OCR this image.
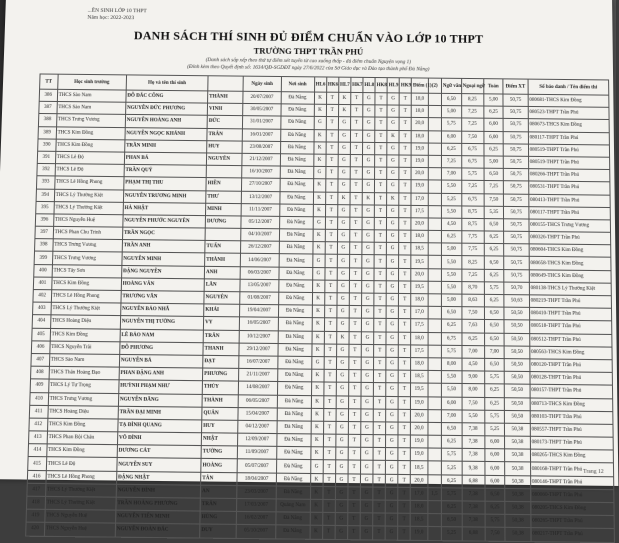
...ÊN SINH LỚP 10 THPT
Năm học: 2022-2023
DANH SÁCH THÍ SINH ĐỦ ĐIỂM CHUẨN VÀO LỚP 10 THPT
TRƯỜNG THPT TRẦN PHÚ
(Danh sách sắp xếp theo thứ tự điểm xét tuyển từ cao xuống thấp - đủ điểm chuẩn Nguyện vọng 1)
(Đính kèm theo Quyết định số: 1634/QĐ-SGDĐT ngày 27/6/2022 của Sở Giáo dục và Đào tạo thành phố Đà Nẵng)
TT	Học sinh trường	Họ và tên thí sinh		Ngày sinh	Nơi sinh	HL6	HK6	HL7	HK7	HL8	HK8	HL9	HK9	Điểm (1)	(2)	Ngữ văn	Ngoại ngữ	Toán	Điểm XT	Số báo danh / Tên điểm thi
386	THCS Sào Nam	ĐỖ ĐẮC CÔNG	THÀNH	20/07/2007	Đà Nẵng	K	T	K	T	G	T	G	T	18,0		6,50	8,25	5,00	50,75	080681-THCS Kim Đồng
387	THCS Sào Nam	NGUYỄN ĐỨC PHƯƠNG	VINH	30/05/2007	Đà Nẵng	K	T	K	T	G	T	G	T	18,0		5,00	7,25	6,25	50,75	080523-THPT Trần Phú
388	THCS Trưng Vương	NGUYỄN HOÀNG ANH	ĐỨC	31/01/2007	Đà Nẵng	G	T	G	T	G	T	G	T	20,0		5,75	7,25	6,00	50,75	080673-THCS Kim Đồng
389	THCS Kim Đồng	NGUYỄN NGỌC KHÁNH	TRÂN	16/01/2007	Đà Nẵng	K	T	G	T	G	T	K	T	18,0		6,00	7,50	6,00	50,75	080117-THPT Trần Phú
390	THCS Kim Đồng	TRẦN MINH	HUY	23/08/2007	Đà Nẵng	K	T	G	T	G	T	G	T	19,0		6,25	6,75	6,25	50,75	080519-THPT Trần Phú
391	THCS Lê Độ	PHAN BÁ	NGUYÊN	21/12/2007	Đà Nẵng	K	T	G	T	G	T	G	T	19,0		7,25	6,75	5,00	50,75	080519-THPT Trần Phú
392	THCS Lê Độ	TRẦN QUÝ		16/10/2007	Đà Nẵng	G	T	G	T	G	T	G	T	20,0		7,00	5,75	6,50	50,75	080266-THPT Trần Phú
393	THCS Lê Hồng Phong	PHẠM THỊ THU	HIỀN	27/10/2007	Đà Nẵng	K	T	G	T	G	T	G	T	19,0		5,50	7,25	7,25	50,75	080531-THPT Trần Phú
394	THCS Lý Thường Kiệt	NGUYỄN TRƯƠNG MINH	THƯ	13/12/2007	Đà Nẵng	K	T	K	T	K	T	K	T	17,0		5,25	6,75	7,50	50,75	080413-THPT Trần Phú
395	THCS Lý Thường Kiệt	HÀ NHẬT	MINH	11/11/2007	Đà Nẵng	K	T	G	T	G	T	G	T	17,5		5,50	8,75	5,35	50,75	080117-THPT Trần Phú
396	THCS Nguyễn Huệ	NGUYỄN PHƯỚC NGUYÊN	DƯƠNG	05/12/2007	Đà Nẵng	G	T	G	T	G	T	G	T	20,0		4,50	8,75	6,50	50,75	080155-THCS Trưng Vương
397	THCS Phan Chu Trinh	TRẦN NGỌC		04/10/2007	Đà Nẵng	K	T	G	T	G	T	G	T	18,0		6,25	7,75	6,25	50,75	080326-THPT Trần Phú
398	THCS Trưng Vương	TRẦN ANH	TUẤN	26/12/2007	Đà Nẵng	K	T	G	T	G	T	G	T	18,5		5,00	7,75	6,25	50,75	080604-THCS Kim Đồng
399	THCS Trưng Vương	NGUYỄN MINH	THÀNH	14/06/2007	Đà Nẵng	G	T	G	T	G	T	G	T	19,5		5,50	8,25	6,50	50,75	080658-THCS Kim Đồng
400	THCS Tây Sơn	ĐẶNG NGUYỄN	ANH	06/03/2007	Đà Nẵng	G	T	G	T	G	T	G	T	20,0		5,50	7,25	6,25	50,75	080649-THCS Kim Đồng
401	THCS Kim Đồng	HOÀNG VÂN	LÂN	13/05/2007	Đà Nẵng	K	T	G	T	G	T	G	T	19,5		5,50	8,70	5,75	50,70	080138-THCS Lý Thường Kiệt
402	THCS Lê Hồng Phong	TRƯƠNG VĂN	NGUYÊN	01/08/2007	Đà Nẵng	K	T	G	T	G	T	G	T	18,0		5,00	8,63	6,25	50,63	080219-THPT Trần Phú
403	THCS Lý Thường Kiệt	NGUYỄN BẢO NHÃ	KHÁI	19/04/2007	Đà Nẵng	K	T	G	T	G	T	G	T	17,0		6,50	7,50	6,50	50,50	080410-THPT Trần Phú
404	THCS Hoàng Diệu	NGUYỄN THỊ TƯỜNG	VY	16/05/2007	Đà Nẵng	K	T	G	T	G	T	G	T	17,5		6,25	7,63	6,50	50,50	080518-THPT Trần Phú
405	THCS Kim Đồng	LÊ BẢO NAM	TRÂN	10/12/2007	Đà Nẵng	K	T	K	T	G	T	G	T	18,0		6,75	6,25	6,50	50,50	080512-THPT Trần Phú
406	THCS Nguyễn Trãi	ĐỖ PHƯƠNG	THANH	29/12/2007	Đà Nẵng	K	T	G	T	G	T	G	T	17,5		5,75	7,00	7,00	50,50	080563-THCS Kim Đồng
407	THCS Sào Nam	NGUYỄN BÁ	ĐẠT	16/07/2007	Đà Nẵng	G	T	G	T	G	T	G	T	18,0		8,00	4,50	6,50	50,50	080120-THPT Trần Phú
408	THCS Thân Hoàng Đạo	PHAN ĐẶNG ANH	PHƯƠNG	21/11/2007	Đà Nẵng	K	T	G	T	G	T	G	T	18,5		5,50	9,00	5,75	50,50	080128-THPT Trần Phú
409	THCS Lý Tự Trọng	HUỲNH PHẠM NHƯ	THỦY	14/08/2007	Đà Nẵng	K	T	G	T	G	T	G	T	19,5		5,50	8,00	6,25	50,50	080157-THPT Trần Phú
410	THCS Trưng Vương	NGUYỄN ĐĂNG	THÀNH	06/05/2007	Đà Nẵng	K	T	G	T	G	T	G	T	19,0		6,00	7,50	6,25	50,50	080713-THCS Kim Đồng
411	THCS Hoàng Diệu	TRẦN ĐẠI MINH	QUÂN	15/04/2007	Đà Nẵng	K	T	G	T	G	T	G	T	20,0		7,00	5,50	5,75	50,50	080103-THPT Trần Phú
412	THCS Kim Đồng	TẠ ĐÌNH QUANG	HUY	04/12/2007	Đà Nẵng	K	T	G	T	G	T	G	T	20,0		6,50	7,38	5,25	50,38	080557-THPT Trần Phú
413	THCS Phan Bội Châu	VÕ ĐÌNH	NHẬT	12/09/2007	Đà Nẵng	K	T	G	T	G	T	G	T	19,0		6,25	7,38	6,00	50,38	080173-THPT Trần Phú
414	THCS Kim Đồng	DƯƠNG CÁT	TƯỜNG	11/09/2007	Đà Nẵng	K	T	G	T	G	T	G	T	19,0		5,75	7,38	6,00	50,38	080265-THCS Kim Đồng
415	THCS Lê Độ	NGUYỄN SUY	HOÀNG	05/07/2007	Đà Nẵng	G	T	G	T	G	T	G	T	18,5		5,25	9,38	6,00	50,38	080168-THPT Trần Phú
416	THCS Lê Hồng Phong	ĐẶNG NHẬT	TÂN	18/04/2007	Đà Nẵng	K	T	G	T	G	T	G	T	20,0		6,25	6,88	6,00	50,38	080146-THPT Trần Phú
417	THCS Lý Thường Kiệt	NGUYỄN ĐÌNH	AN	23/03/2007	Đà Nẵng	K	T	G	T	G	T	G	T	17,0	1,5	5,75	7,38	6,50	50,38	080060-THPT Trần Phú
418	THCS Lý Thường Kiệt	TRẦN HOÀNG PHƯƠNG	TRÂN	17/03/2007	Quảng Nam	K	T	G	T	G	T	G	T	18,0		6,25	7,38	6,25	50,38	080205-THCS Kim Đồng
419	THCS Nguyễn Huệ	NGUYỄN TIẾN MINH	HÙNG	16/02/2007	Đà Nẵng	K	T	G	T	G	T	G	T	18,5		6,50	7,38	5,75	50,38	080265-THPT Trần Phú
420	THCS Nguyễn Huệ	NGUYỄN ĐOÀN ĐẮC	DUY	05/10/2007	Đà Nẵng	K	T	G	T	G	T	G	T	19,0		5,25	6,88	7,50	50,38	080217-THPT Trần Phú
Trang 12
